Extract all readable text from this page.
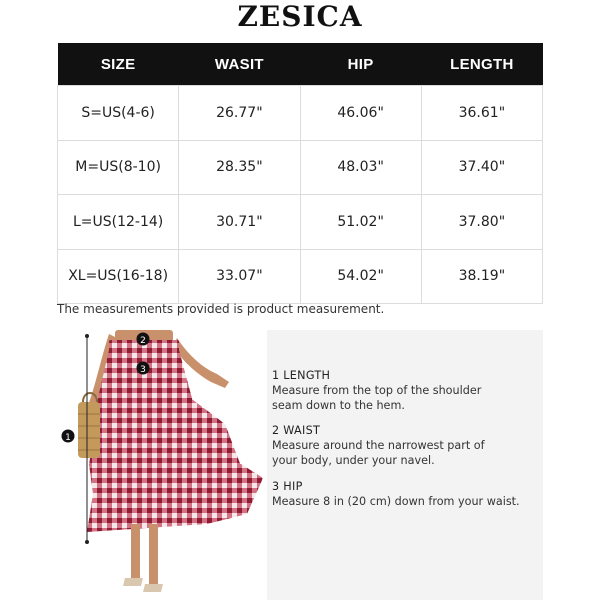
ZESICA
SIZE	WASIT	HIP	LENGTH
S=US(4-6)	26.77"	46.06"	36.61"
M=US(8-10)	28.35"	48.03"	37.40"
L=US(12-14)	30.71"	51.02"	37.80"
XL=US(16-18)	33.07"	54.02"	38.19"
The measurements provided is product measurement.
1
2
3	1 LENGTH
Measure from the top of the shoulder
seam down to the hem.
2 WAIST
Measure around the narrowest part of
your body, under your navel.
3 HIP
Measure 8 in (20 cm) down from your waist.
